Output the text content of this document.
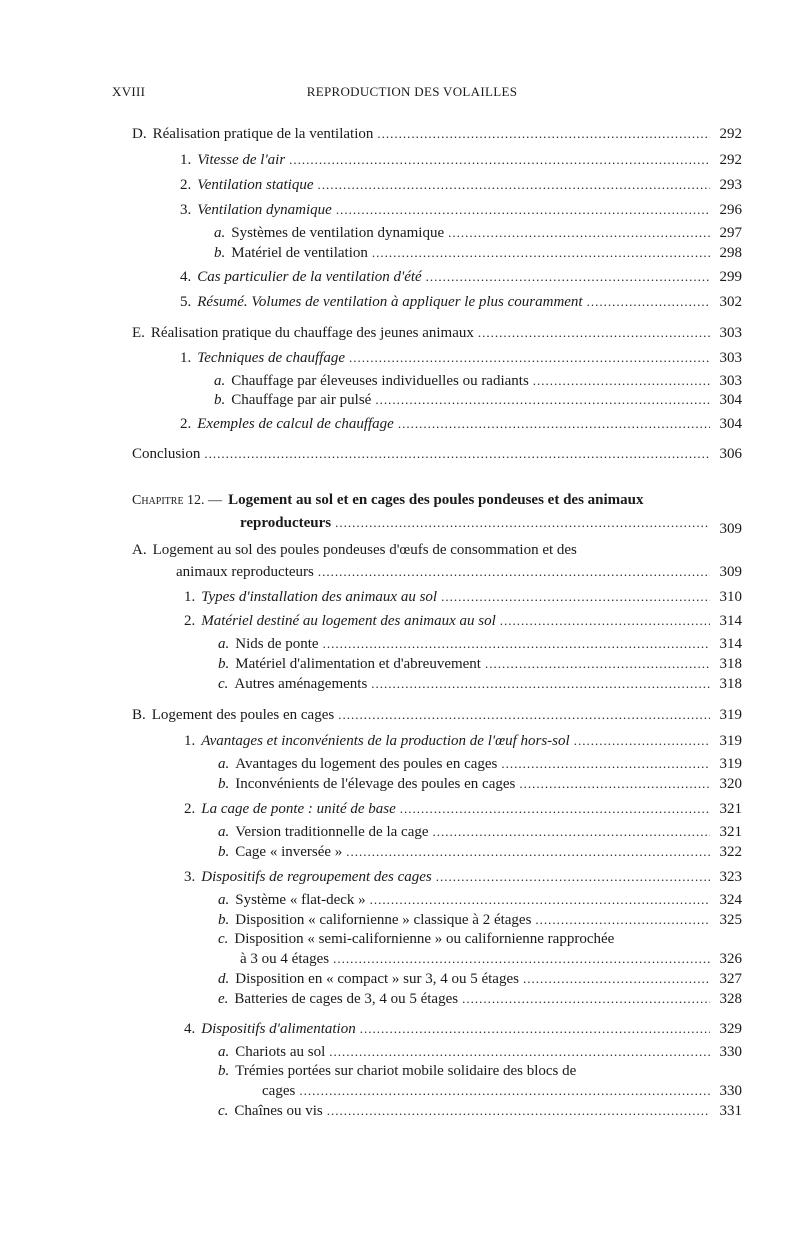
XVIII	REPRODUCTION DES VOLAILLES
D. Réalisation pratique de la ventilation .....	292
1. Vitesse de l'air .....	292
2. Ventilation statique .....	293
3. Ventilation dynamique .....	296
a. Systèmes de ventilation dynamique .....	297
b. Matériel de ventilation .....	298
4. Cas particulier de la ventilation d'été .....	299
5. Résumé. Volumes de ventilation à appliquer le plus couramment .....	302
E. Réalisation pratique du chauffage des jeunes animaux .....	303
1. Techniques de chauffage .....	303
a. Chauffage par éleveuses individuelles ou radiants .....	303
b. Chauffage par air pulsé .....	304
2. Exemples de calcul de chauffage .....	304
Conclusion .....	306
Chapitre 12. — Logement au sol et en cages des poules pondeuses et des animaux
reproducteurs .....	309
A. Logement au sol des poules pondeuses d'œufs de consommation et des
animaux reproducteurs .....	309
1. Types d'installation des animaux au sol .....	310
2. Matériel destiné au logement des animaux au sol .....	314
a. Nids de ponte .....	314
b. Matériel d'alimentation et d'abreuvement .....	318
c. Autres aménagements .....	318
B. Logement des poules en cages .....	319
1. Avantages et inconvénients de la production de l'œuf hors-sol .....	319
a. Avantages du logement des poules en cages .....	319
b. Inconvénients de l'élevage des poules en cages .....	320
2. La cage de ponte : unité de base .....	321
a. Version traditionnelle de la cage .....	321
b. Cage « inversée » .....	322
3. Dispositifs de regroupement des cages .....	323
a. Système « flat-deck » .....	324
b. Disposition « californienne » classique à 2 étages .....	325
c. Disposition « semi-californienne » ou californienne rapprochée
à 3 ou 4 étages .....	326
d. Disposition en « compact » sur 3, 4 ou 5 étages .....	327
e. Batteries de cages de 3, 4 ou 5 étages .....	328
4. Dispositifs d'alimentation .....	329
a. Chariots au sol .....	330
b. Trémies portées sur chariot mobile solidaire des blocs de
cages .....	330
c. Chaînes ou vis .....	331
